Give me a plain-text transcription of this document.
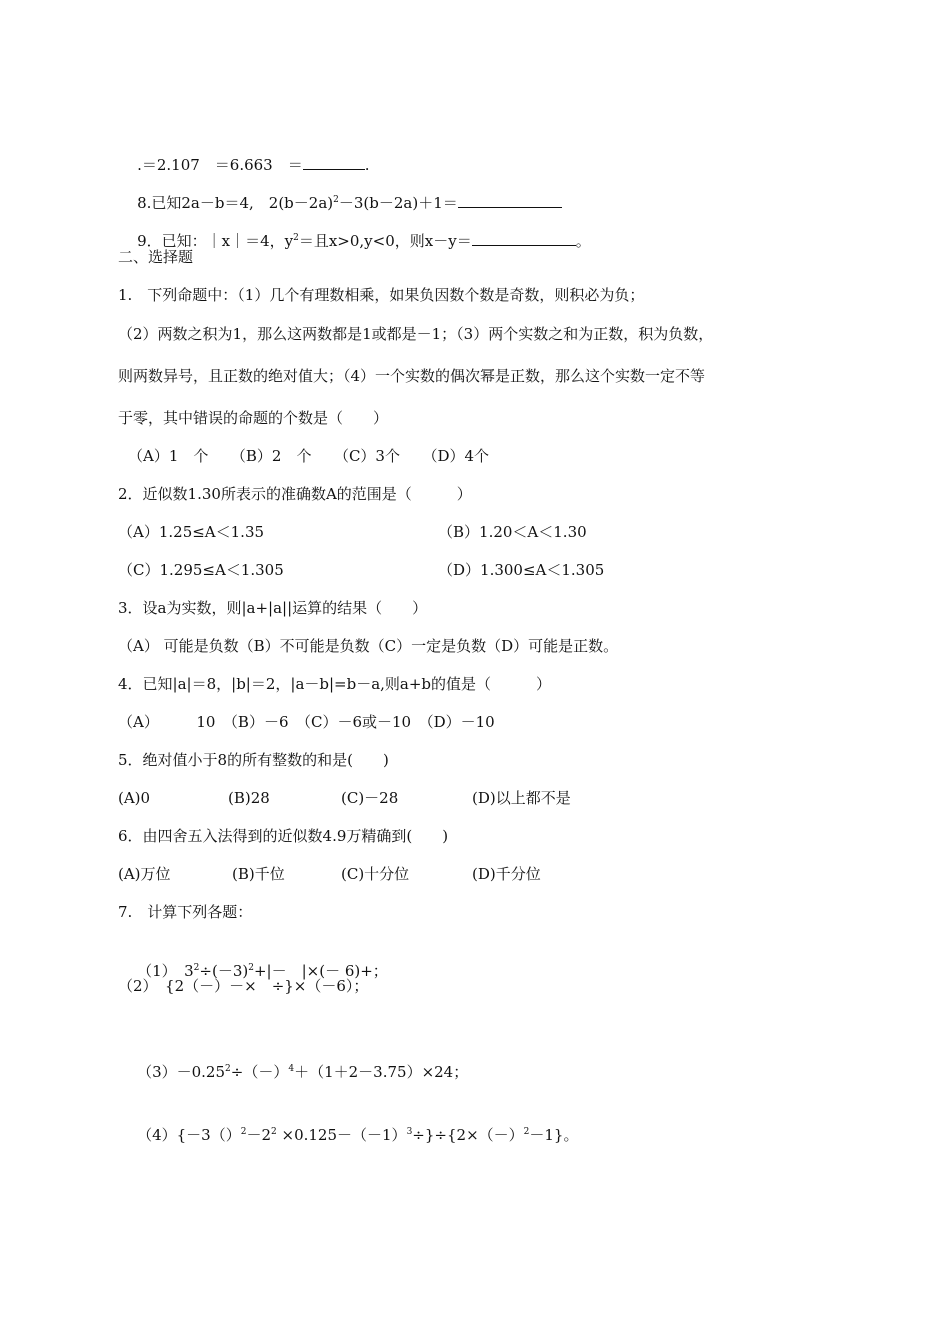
.＝2.107　＝6.663　＝	.

8.已知2a－b＝4,　$2(b-2a)^2-3(b-2a)+1=$

9．已知：｜x｜＝4，$y^2=$且x>0,y<0，则x－y＝	。

二、选择题
1.　下列命题中：（1）几个有理数相乘，如果负因数个数是奇数，则积必为负；
（2）两数之积为1，那么这两数都是1或都是－1；（3）两个实数之和为正数，积为负数，
则两数异号，且正数的绝对值大；（4）一个实数的偶次幂是正数，那么这个实数一定不等
于零，其中错误的命题的个数是（　　）
（A）1　个　　（B）2　个　　（C）3个　　（D）4个
2．近似数1.30所表示的准确数A的范围是（　　　）
（A）1.25≤A＜1.35	（B）1.20＜A＜1.30
（C）1.295≤A＜1.305	（D）1.300≤A＜1.305
3．设a为实数，则|a+|a||运算的结果（　　）
（A） 可能是负数（B）不可能是负数（C）一定是负数（D）可能是正数。
4．已知|a|＝8，|b|＝2，|a－b|=b－a,则a+b的值是（　　　）
（A）　　　10　（B）－6　（C）－6或－10　（D）－10
5．绝对值小于8的所有整数的和是(　　)
(A)0	(B)28	(C)－28	(D)以上都不是
6．由四舍五入法得到的近似数4.9万精确到(　　)
(A)万位	(B)千位	(C)十分位	(D)千分位
7.　计算下列各题：

（1）　$3^2\div(-3)^2+|-$　|×(－ 6)+；

（2）　{2（－）－×　÷}×（－6）；

$(3)-0.25^2\div(-)^4+(1+2-3.75)\times 24$；

$(4)\{-3()^2-2^2 \times 0.125-(-1)^3\div\}\div\{2\times(-)^2-1\}$。
